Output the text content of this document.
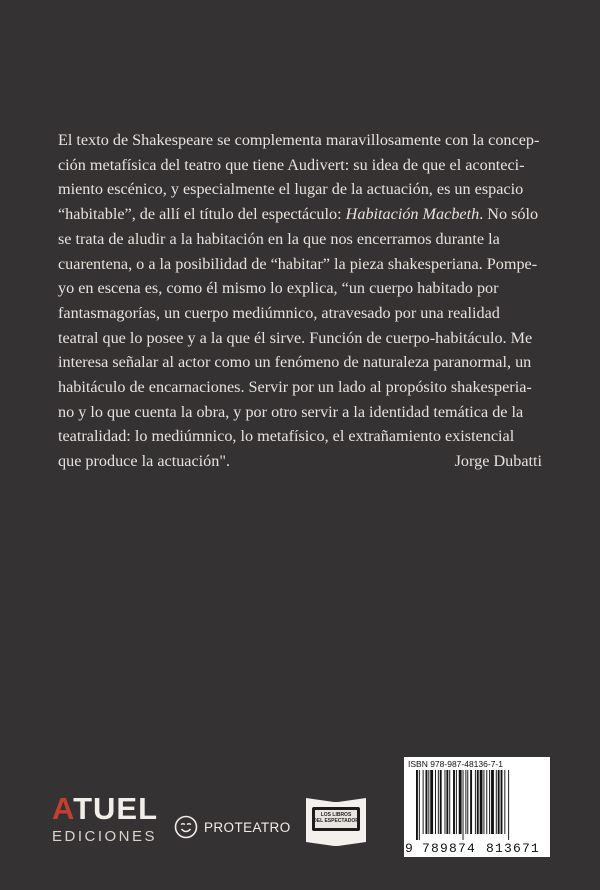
El texto de Shakespeare se complementa maravillosamente con la concep-
ción metafísica del teatro que tiene Audivert: su idea de que el aconteci-
miento escénico, y especialmente el lugar de la actuación, es un espacio
“habitable”, de allí el título del espectáculo: Habitación Macbeth. No sólo
se trata de aludir a la habitación en la que nos encerramos durante la
cuarentena, o a la posibilidad de “habitar” la pieza shakesperiana. Pompe-
yo en escena es, como él mismo lo explica, “un cuerpo habitado por
fantasmagorías, un cuerpo mediúmnico, atravesado por una realidad
teatral que lo posee y a la que él sirve. Función de cuerpo-habitáculo. Me
interesa señalar al actor como un fenómeno de naturaleza paranormal, un
habitáculo de encarnaciones. Servir por un lado al propósito shakesperia-
no y lo que cuenta la obra, y por otro servir a la identidad temática de la
teatralidad: lo mediúmnico, lo metafísico, el extrañamiento existencial
que produce la actuación".	Jorge Dubatti
ATUEL
EDICIONES
PROTEATRO
LOS LIBROS
DEL ESPECTADOR
ISBN 978-987-48136-7-1
9 789874 813671
